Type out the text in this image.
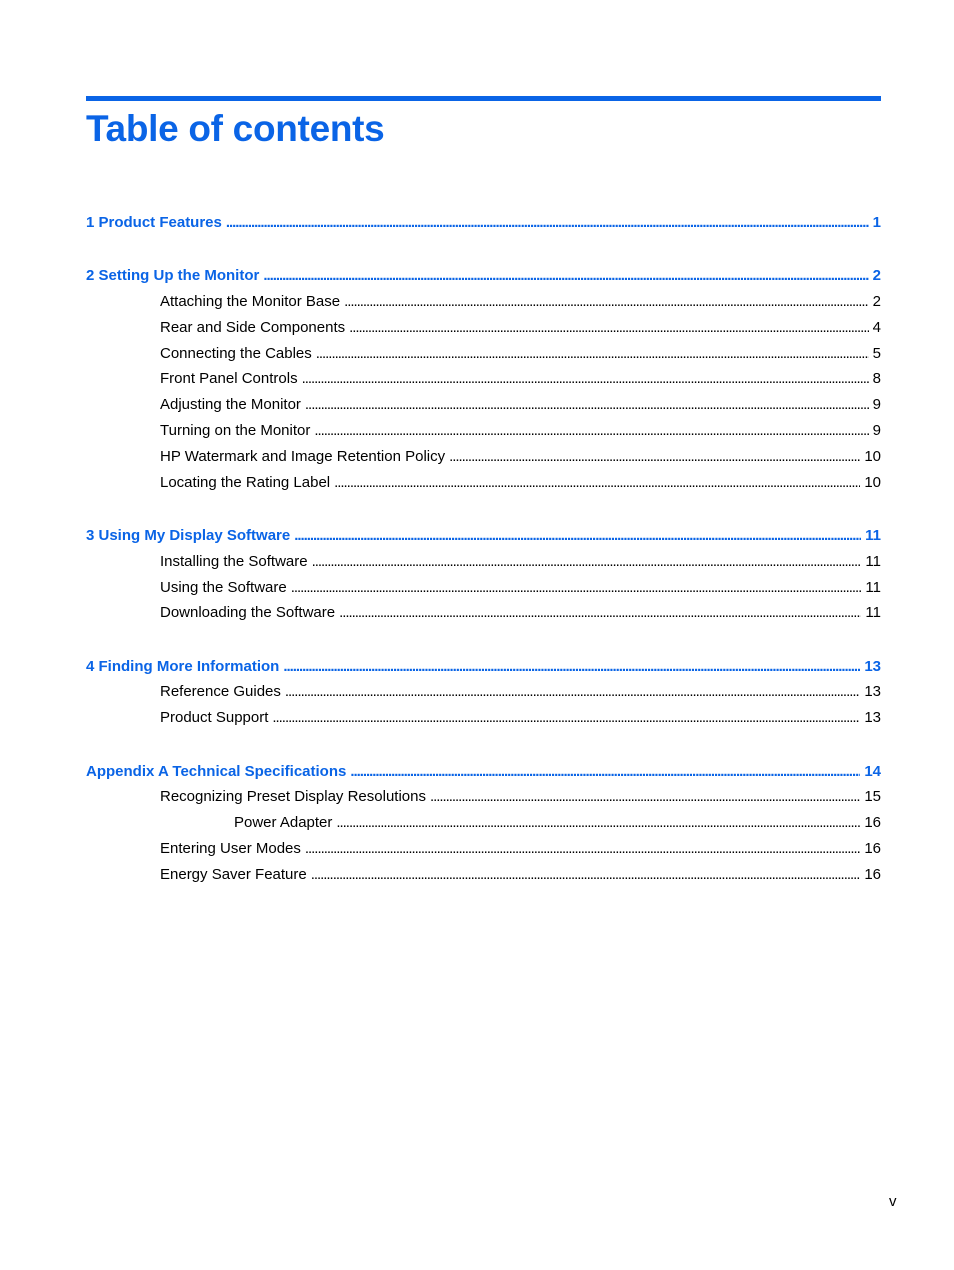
Table of contents
1 Product Features . . .	1
2 Setting Up the Monitor . . .	2
Attaching the Monitor Base . . .	2
Rear and Side Components . . .	4
Connecting the Cables . . .	5
Front Panel Controls . . .	8
Adjusting the Monitor . . .	9
Turning on the Monitor . . .	9
HP Watermark and Image Retention Policy . . .	10
Locating the Rating Label . . .	10
3 Using My Display Software . . .	11
Installing the Software . . .	11
Using the Software . . .	11
Downloading the Software . . .	11
4 Finding More Information . . .	13
Reference Guides . . .	13
Product Support . . .	13
Appendix A Technical Specifications . . .	14
Recognizing Preset Display Resolutions . . .	15
Power Adapter . . .	16
Entering User Modes . . .	16
Energy Saver Feature . . .	16
v
